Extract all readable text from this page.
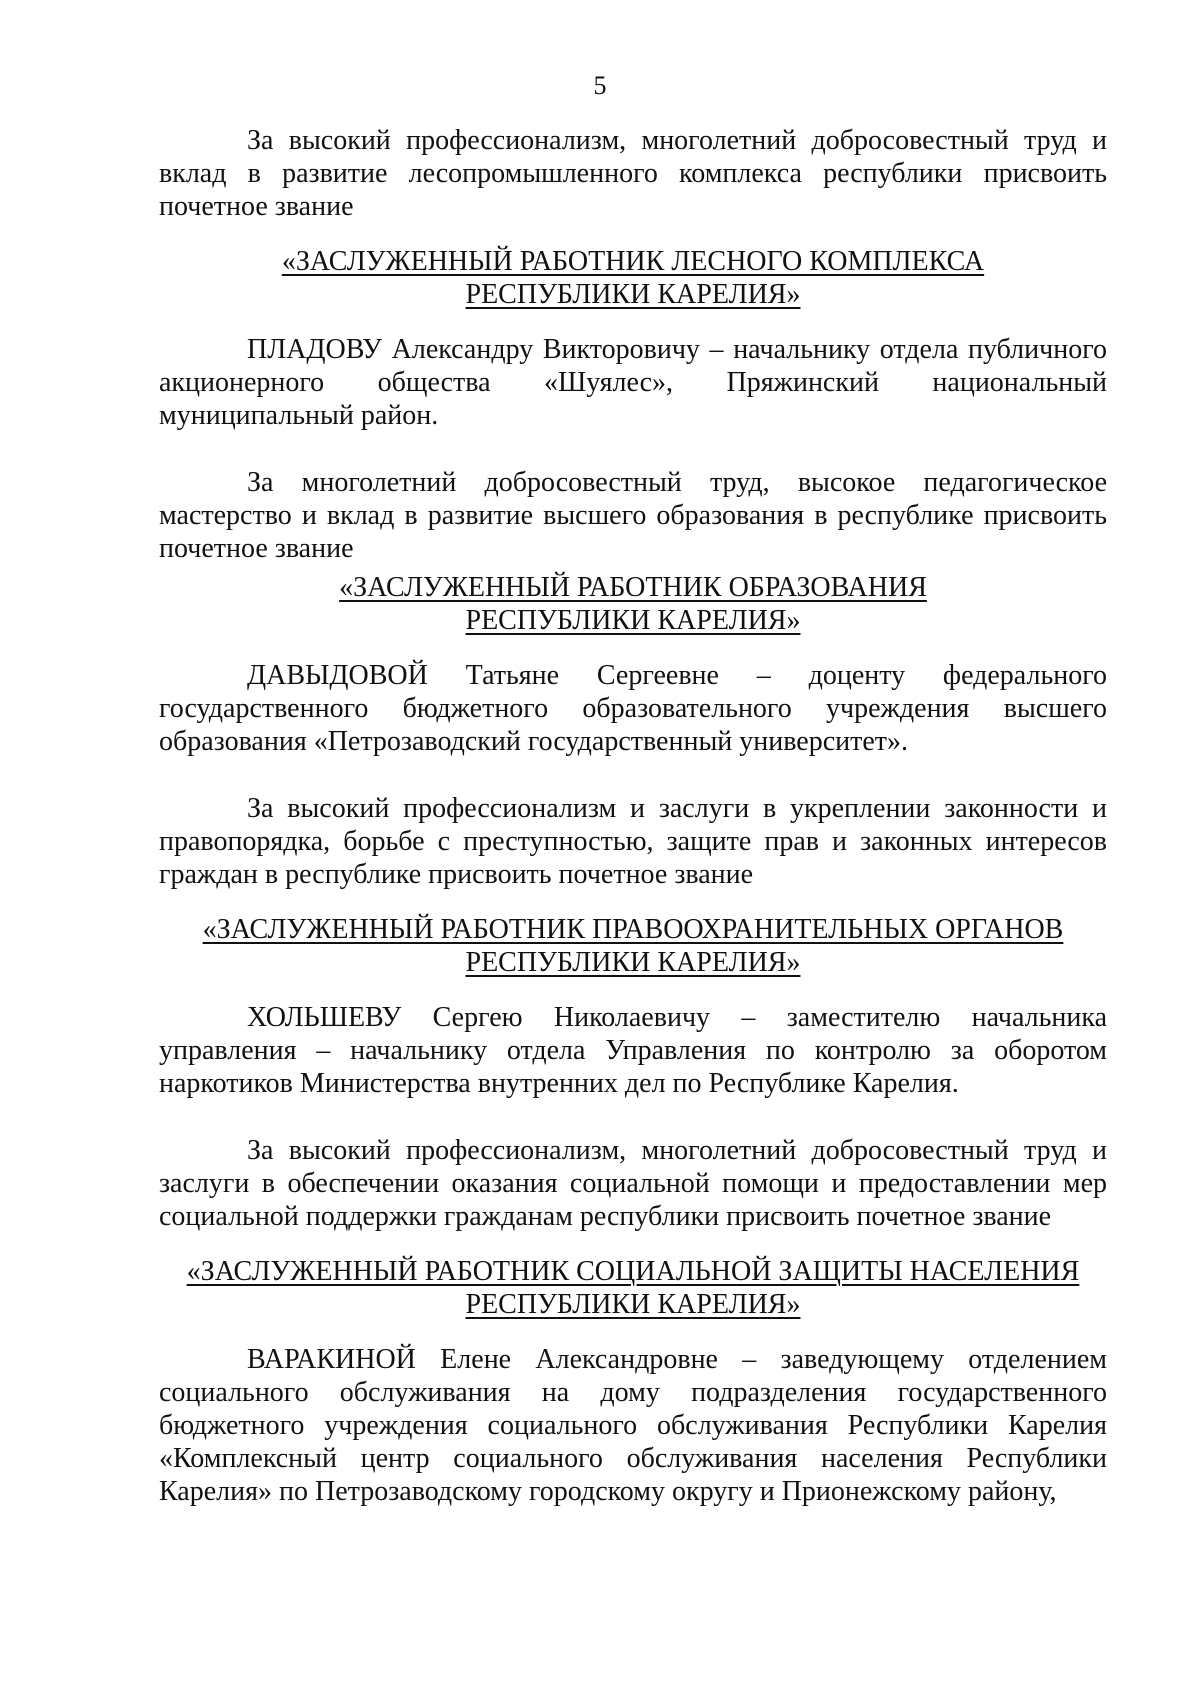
5

За высокий профессионализм, многолетний добросовестный труд и вклад в развитие лесопромышленного комплекса республики присвоить почетное звание

«ЗАСЛУЖЕННЫЙ РАБОТНИК ЛЕСНОГО КОМПЛЕКСА
РЕСПУБЛИКИ КАРЕЛИЯ»

ПЛАДОВУ Александру Викторовичу – начальнику отдела публичного акционерного общества «Шуялес», Пряжинский национальный муниципальный район.

За многолетний добросовестный труд, высокое педагогическое мастерство и вклад в развитие высшего образования в республике присвоить почетное звание

«ЗАСЛУЖЕННЫЙ РАБОТНИК ОБРАЗОВАНИЯ
РЕСПУБЛИКИ КАРЕЛИЯ»

ДАВЫДОВОЙ Татьяне Сергеевне – доценту федерального государственного бюджетного образовательного учреждения высшего образования «Петрозаводский государственный университет».

За высокий профессионализм и заслуги в укреплении законности и правопорядка, борьбе с преступностью, защите прав и законных интересов граждан в республике присвоить почетное звание

«ЗАСЛУЖЕННЫЙ РАБОТНИК ПРАВООХРАНИТЕЛЬНЫХ ОРГАНОВ
РЕСПУБЛИКИ КАРЕЛИЯ»

ХОЛЬШЕВУ Сергею Николаевичу – заместителю начальника управления – начальнику отдела Управления по контролю за оборотом наркотиков Министерства внутренних дел по Республике Карелия.

За высокий профессионализм, многолетний добросовестный труд и заслуги в обеспечении оказания социальной помощи и предоставлении мер социальной поддержки гражданам республики присвоить почетное звание

«ЗАСЛУЖЕННЫЙ РАБОТНИК СОЦИАЛЬНОЙ ЗАЩИТЫ НАСЕЛЕНИЯ
РЕСПУБЛИКИ КАРЕЛИЯ»

ВАРАКИНОЙ Елене Александровне – заведующему отделением социального обслуживания на дому подразделения государственного бюджетного учреждения социального обслуживания Республики Карелия «Комплексный центр социального обслуживания населения Республики Карелия» по Петрозаводскому городскому округу и Прионежскому району,
